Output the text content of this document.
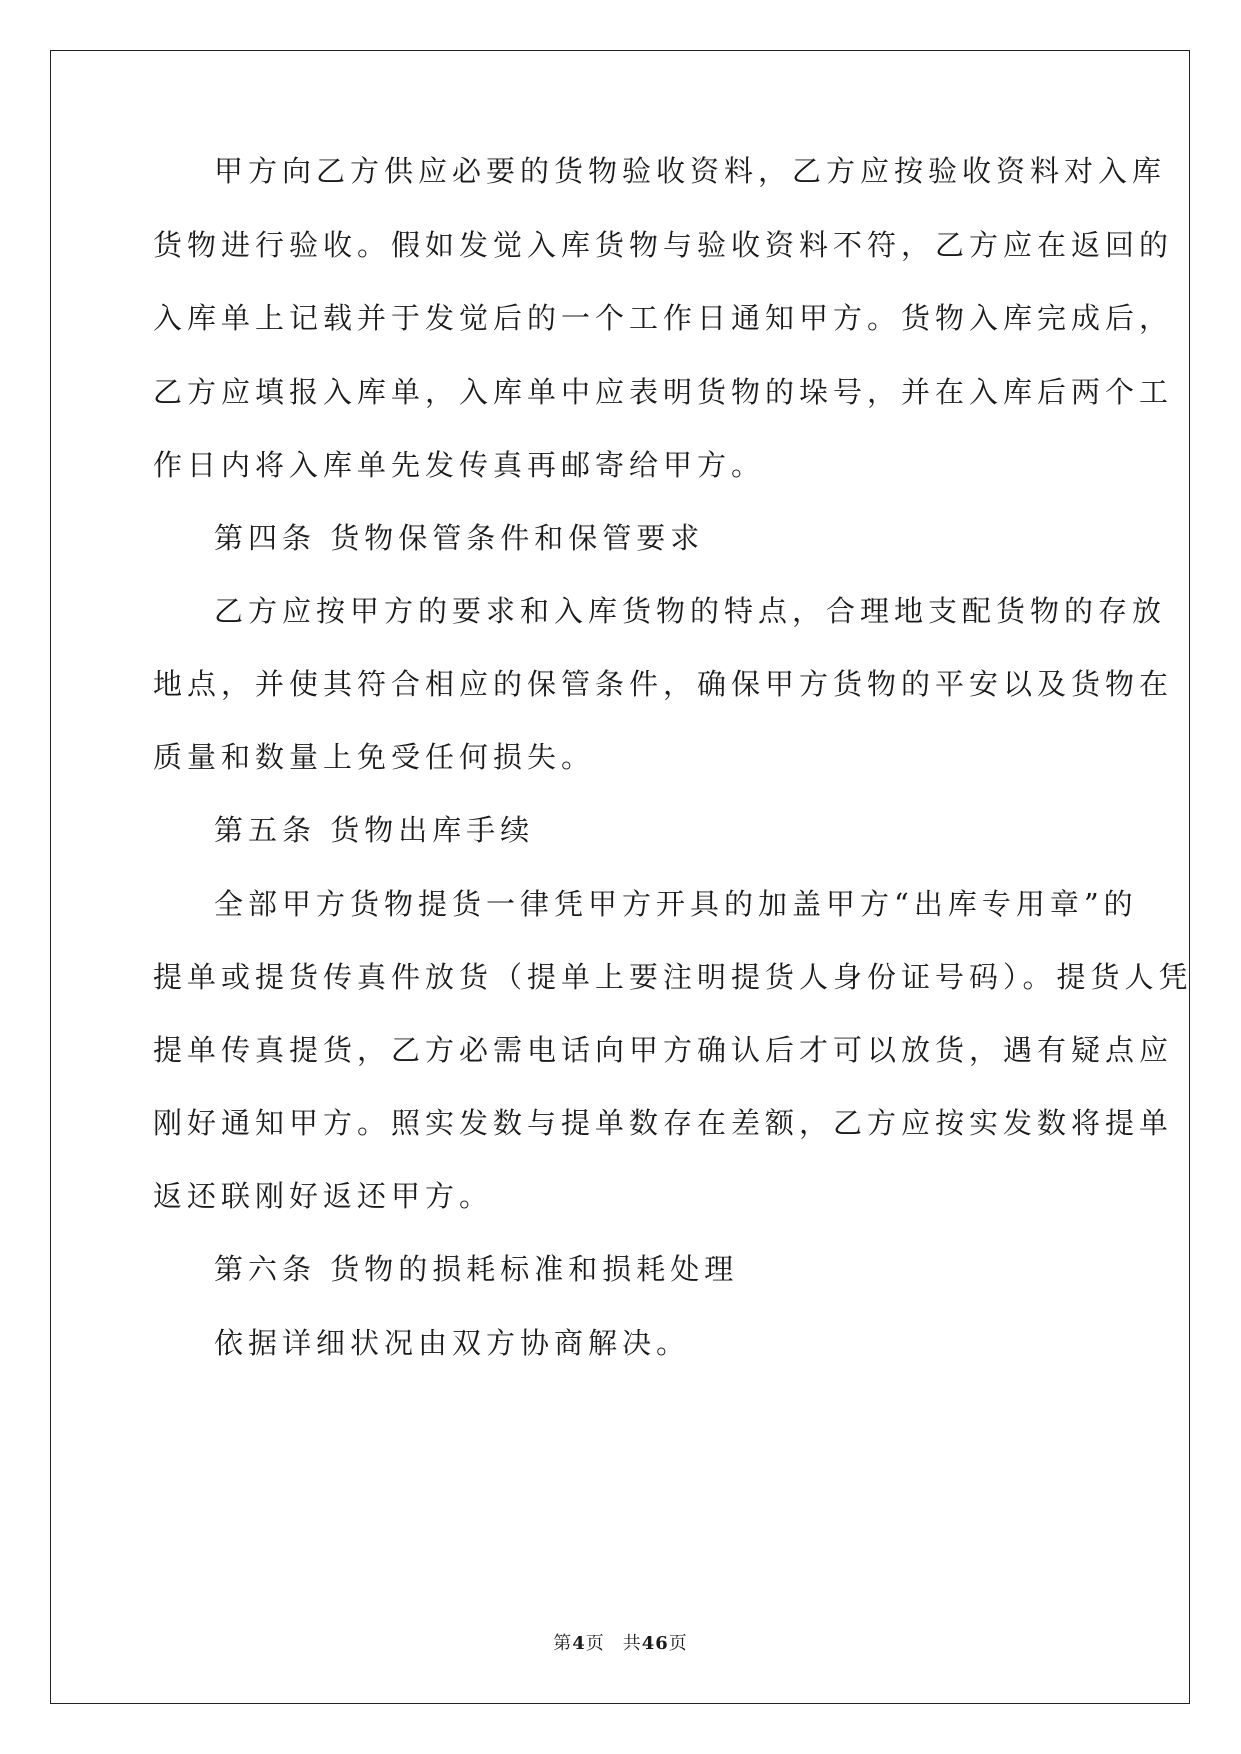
甲方向乙方供应必要的货物验收资料，乙方应按验收资料对入库
货物进行验收。假如发觉入库货物与验收资料不符，乙方应在返回的
入库单上记载并于发觉后的一个工作日通知甲方。货物入库完成后，
乙方应填报入库单，入库单中应表明货物的垛号，并在入库后两个工
作日内将入库单先发传真再邮寄给甲方。
第四条 货物保管条件和保管要求
乙方应按甲方的要求和入库货物的特点，合理地支配货物的存放
地点，并使其符合相应的保管条件，确保甲方货物的平安以及货物在
质量和数量上免受任何损失。
第五条 货物出库手续
全部甲方货物提货一律凭甲方开具的加盖甲方“出库专用章”的
提单或提货传真件放货（提单上要注明提货人身份证号码）。提货人凭
提单传真提货，乙方必需电话向甲方确认后才可以放货，遇有疑点应
刚好通知甲方。照实发数与提单数存在差额，乙方应按实发数将提单
返还联刚好返还甲方。
第六条 货物的损耗标准和损耗处理
依据详细状况由双方协商解决。
第4页 共46页
